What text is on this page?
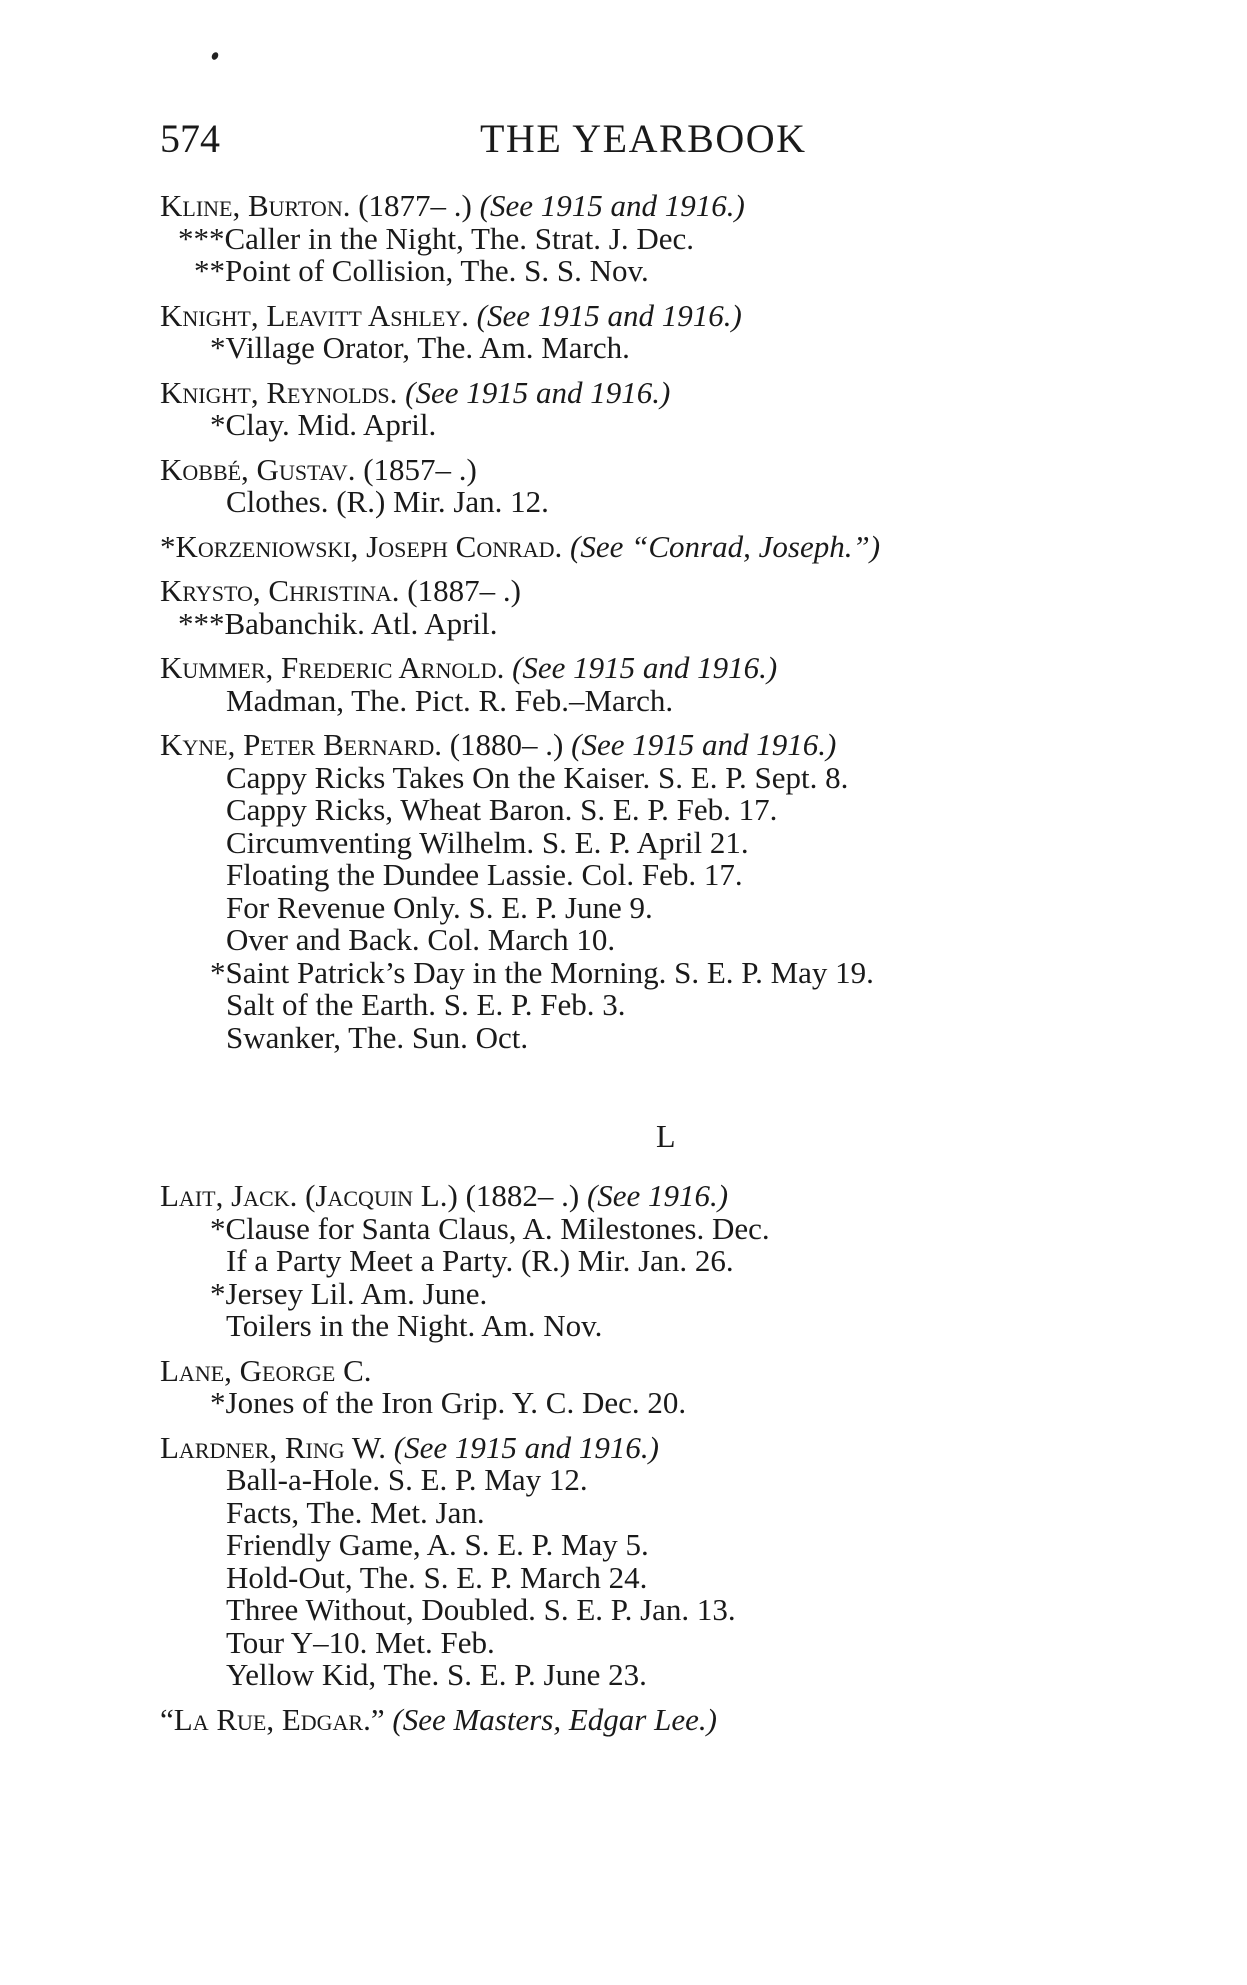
574	THE YEARBOOK
Kline, Burton. (1877– .) (See 1915 and 1916.)
***Caller in the Night, The. Strat. J. Dec.
**Point of Collision, The. S. S. Nov.
Knight, Leavitt Ashley. (See 1915 and 1916.)
*Village Orator, The. Am. March.
Knight, Reynolds. (See 1915 and 1916.)
*Clay. Mid. April.
Kobbé, Gustav. (1857– .)
Clothes. (R.) Mir. Jan. 12.
*Korzeniowski, Joseph Conrad. (See “Conrad, Joseph.”)
Krysto, Christina. (1887– .)
***Babanchik. Atl. April.
Kummer, Frederic Arnold. (See 1915 and 1916.)
Madman, The. Pict. R. Feb.–March.
Kyne, Peter Bernard. (1880– .) (See 1915 and 1916.)
Cappy Ricks Takes On the Kaiser. S. E. P. Sept. 8.
Cappy Ricks, Wheat Baron. S. E. P. Feb. 17.
Circumventing Wilhelm. S. E. P. April 21.
Floating the Dundee Lassie. Col. Feb. 17.
For Revenue Only. S. E. P. June 9.
Over and Back. Col. March 10.
*Saint Patrick’s Day in the Morning. S. E. P. May 19.
Salt of the Earth. S. E. P. Feb. 3.
Swanker, The. Sun. Oct.
L
Lait, Jack. (Jacquin L.) (1882– .) (See 1916.)
*Clause for Santa Claus, A. Milestones. Dec.
If a Party Meet a Party. (R.) Mir. Jan. 26.
*Jersey Lil. Am. June.
Toilers in the Night. Am. Nov.
Lane, George C.
*Jones of the Iron Grip. Y. C. Dec. 20.
Lardner, Ring W. (See 1915 and 1916.)
Ball-a-Hole. S. E. P. May 12.
Facts, The. Met. Jan.
Friendly Game, A. S. E. P. May 5.
Hold-Out, The. S. E. P. March 24.
Three Without, Doubled. S. E. P. Jan. 13.
Tour Y–10. Met. Feb.
Yellow Kid, The. S. E. P. June 23.
“La Rue, Edgar.” (See Masters, Edgar Lee.)
